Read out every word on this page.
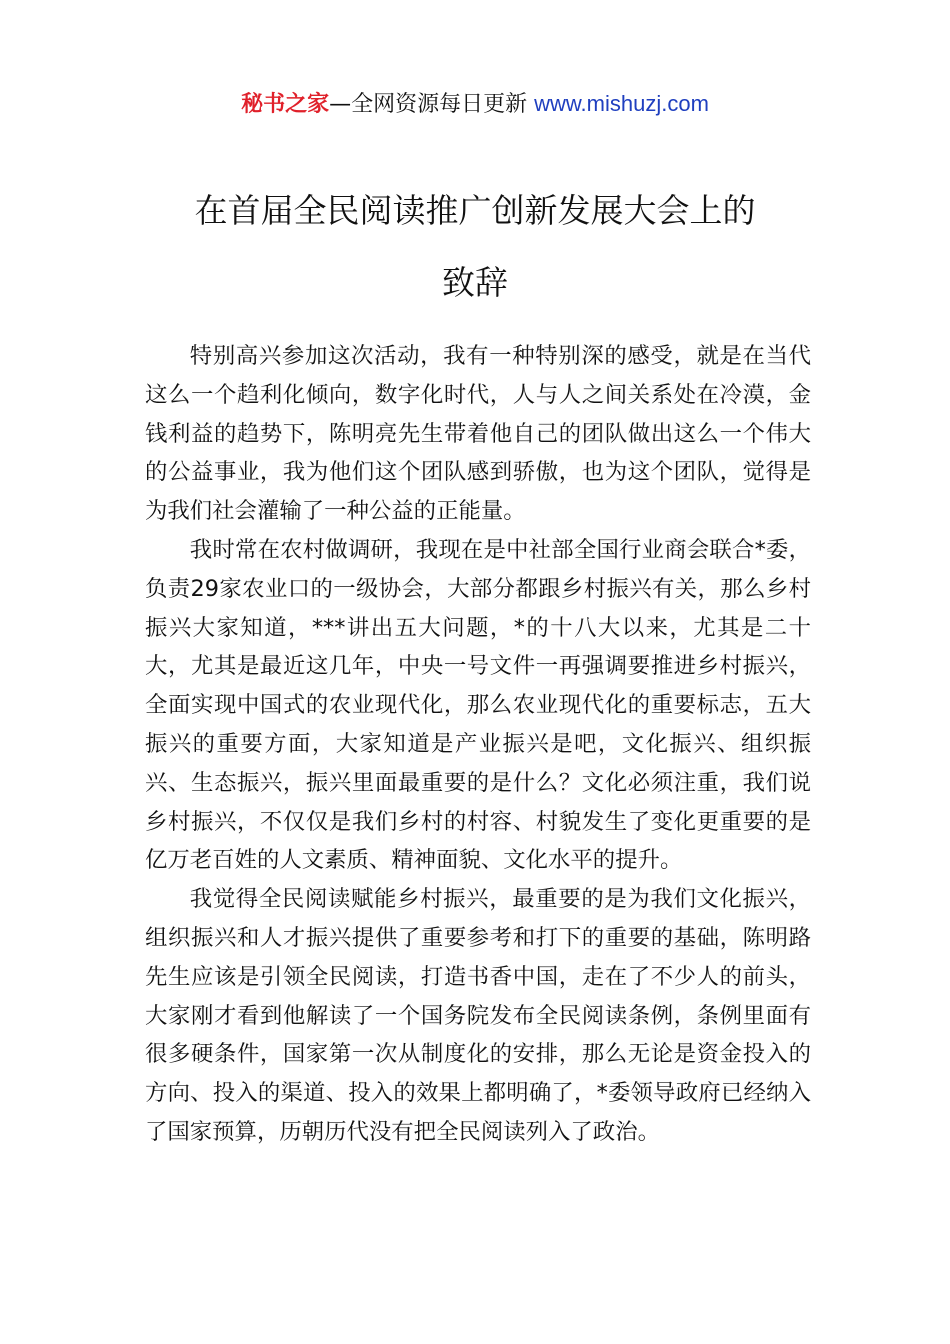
秘书之家—全网资源每日更新 www.mishuzj.com
在首届全民阅读推广创新发展大会上的
致辞

特别高兴参加这次活动，我有一种特别深的感受，就是在当代这么一个趋利化倾向，数字化时代，人与人之间关系处在冷漠，金钱利益的趋势下，陈明亮先生带着他自己的团队做出这么一个伟大的公益事业，我为他们这个团队感到骄傲，也为这个团队，觉得是为我们社会灌输了一种公益的正能量。

我时常在农村做调研，我现在是中社部全国行业商会联合*委，负责29家农业口的一级协会，大部分都跟乡村振兴有关，那么乡村振兴大家知道，***讲出五大问题，*的十八大以来，尤其是二十大，尤其是最近这几年，中央一号文件一再强调要推进乡村振兴，全面实现中国式的农业现代化，那么农业现代化的重要标志，五大振兴的重要方面，大家知道是产业振兴是吧，文化振兴、组织振兴、生态振兴，振兴里面最重要的是什么？文化必须注重，我们说乡村振兴，不仅仅是我们乡村的村容、村貌发生了变化更重要的是亿万老百姓的人文素质、精神面貌、文化水平的提升。

我觉得全民阅读赋能乡村振兴，最重要的是为我们文化振兴，组织振兴和人才振兴提供了重要参考和打下的重要的基础，陈明路先生应该是引领全民阅读，打造书香中国，走在了不少人的前头，大家刚才看到他解读了一个国务院发布全民阅读条例，条例里面有很多硬条件，国家第一次从制度化的安排，那么无论是资金投入的方向、投入的渠道、投入的效果上都明确了，*委领导政府已经纳入了国家预算，历朝历代没有把全民阅读列入了政治。
